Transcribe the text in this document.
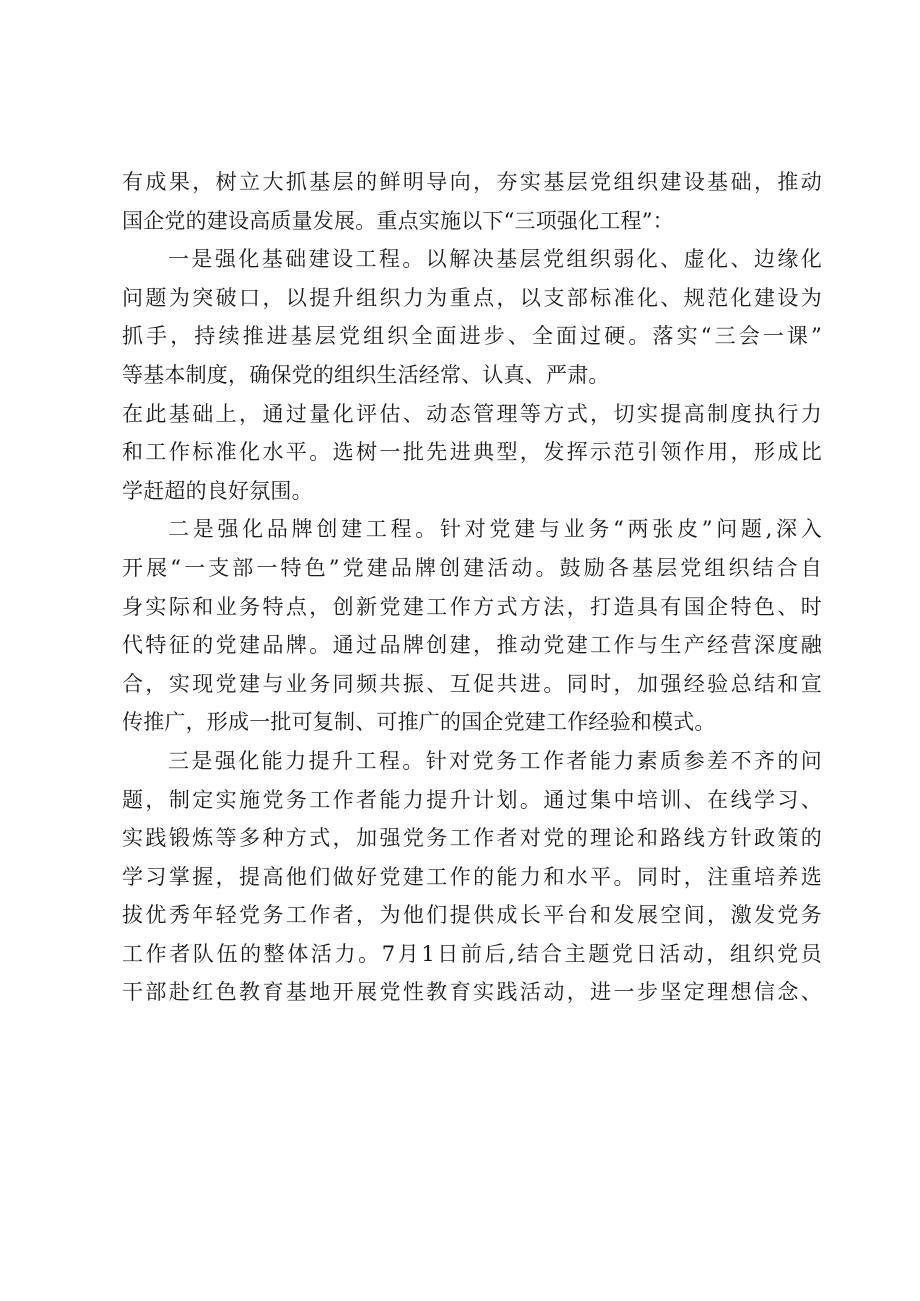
有成果，树立大抓基层的鲜明导向，夯实基层党组织建设基础，推动
国企党的建设高质量发展。重点实施以下“三项强化工程”：
一是强化基础建设工程。以解决基层党组织弱化、虚化、边缘化
问题为突破口，以提升组织力为重点，以支部标准化、规范化建设为
抓手，持续推进基层党组织全面进步、全面过硬。落实“三会一课”
等基本制度，确保党的组织生活经常、认真、严肃。
在此基础上，通过量化评估、动态管理等方式，切实提高制度执行力
和工作标准化水平。选树一批先进典型，发挥示范引领作用，形成比
学赶超的良好氛围。
二是强化品牌创建工程。针对党建与业务“两张皮”问题,深入
开展“一支部一特色”党建品牌创建活动。鼓励各基层党组织结合自
身实际和业务特点，创新党建工作方式方法，打造具有国企特色、时
代特征的党建品牌。通过品牌创建，推动党建工作与生产经营深度融
合，实现党建与业务同频共振、互促共进。同时，加强经验总结和宣
传推广，形成一批可复制、可推广的国企党建工作经验和模式。
三是强化能力提升工程。针对党务工作者能力素质参差不齐的问
题，制定实施党务工作者能力提升计划。通过集中培训、在线学习、
实践锻炼等多种方式，加强党务工作者对党的理论和路线方针政策的
学习掌握，提高他们做好党建工作的能力和水平。同时，注重培养选
拔优秀年轻党务工作者，为他们提供成长平台和发展空间，激发党务
工作者队伍的整体活力。7月1日前后,结合主题党日活动，组织党员
干部赴红色教育基地开展党性教育实践活动，进一步坚定理想信念、
